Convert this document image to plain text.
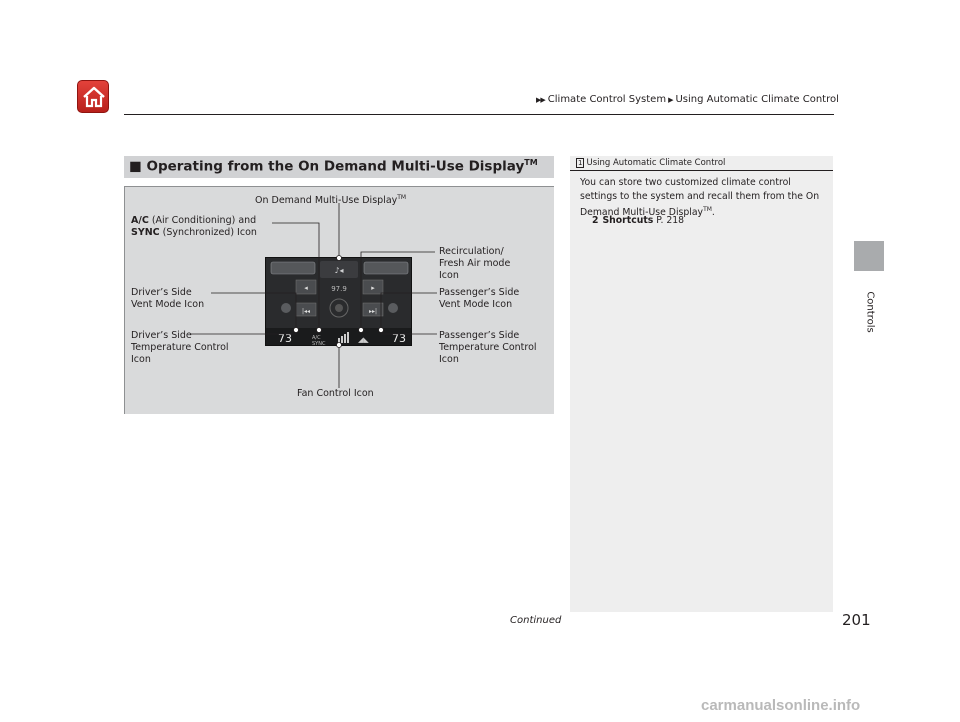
▶▶ Climate Control System ▶ Using Automatic Climate Control
Controls
■ Operating from the On Demand Multi-Use Display™
♪◂
◂	▸
97.9
|◂◂	▸▸|
73	73
A/C
SYNC	◢◣
On Demand Multi-Use Display™
A/C (Air Conditioning) and
SYNC (Synchronized) Icon
Recirculation/
Fresh Air mode
Icon
Driver’s Side
Vent Mode Icon
Passenger’s Side
Vent Mode Icon
Driver’s Side
Temperature Control
Icon
Passenger’s Side
Temperature Control
Icon
Fan Control Icon
1 Using Automatic Climate Control
You can store two customized climate control settings to the system and recall them from the On Demand Multi-Use Display™.
2 Shortcuts P. 218
Continued	201
carmanualsonline.info
